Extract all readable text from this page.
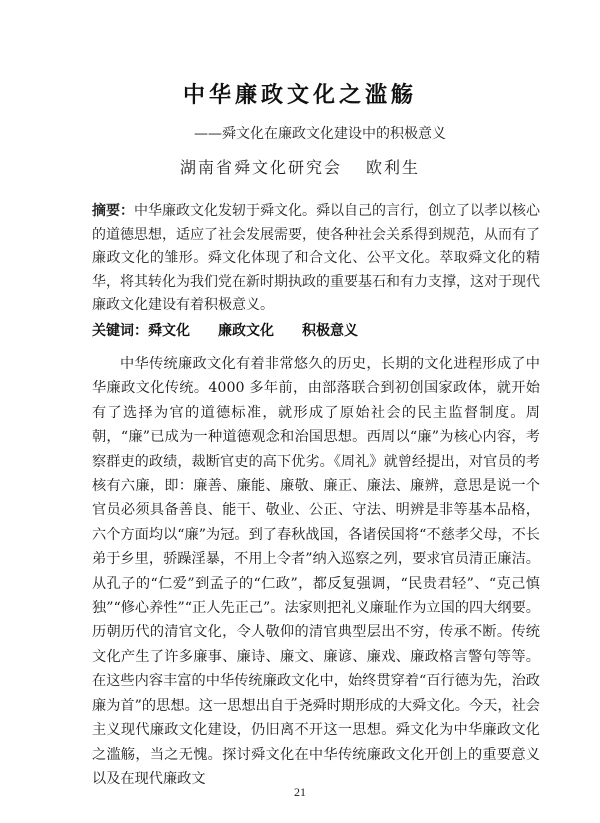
中华廉政文化之滥觞
——舜文化在廉政文化建设中的积极意义
湖南省舜文化研究会 欧利生
摘要：中华廉政文化发轫于舜文化。舜以自己的言行，创立了以孝以核心的道德思想，适应了社会发展需要，使各种社会关系得到规范，从而有了廉政文化的雏形。舜文化体现了和合文化、公平文化。萃取舜文化的精华，将其转化为我们党在新时期执政的重要基石和有力支撑，这对于现代廉政文化建设有着积极意义。
关键词：舜文化 廉政文化 积极意义
中华传统廉政文化有着非常悠久的历史，长期的文化进程形成了中华廉政文化传统。4000 多年前，由部落联合到初创国家政体，就开始有了选择为官的道德标准，就形成了原始社会的民主监督制度。周朝，“廉”已成为一种道德观念和治国思想。西周以“廉”为核心内容，考察群吏的政绩，裁断官吏的高下优劣。《周礼》就曾经提出，对官员的考核有六廉，即：廉善、廉能、廉敬、廉正、廉法、廉辨，意思是说一个官员必须具备善良、能干、敬业、公正、守法、明辨是非等基本品格，六个方面均以“廉”为冠。到了春秋战国，各诸侯国将“不慈孝父母，不长弟于乡里，骄躁淫暴，不用上令者”纳入巡察之列，要求官员清正廉洁。从孔子的“仁爱”到孟子的“仁政”，都反复强调，“民贵君轻”、“克己慎独”“修心养性”“正人先正己”。法家则把礼义廉耻作为立国的四大纲要。历朝历代的清官文化，令人敬仰的清官典型层出不穷，传承不断。传统文化产生了许多廉事、廉诗、廉文、廉谚、廉戏、廉政格言警句等等。在这些内容丰富的中华传统廉政文化中，始终贯穿着“百行德为先，治政廉为首”的思想。这一思想出自于尧舜时期形成的大舜文化。今天，社会主义现代廉政文化建设，仍旧离不开这一思想。舜文化为中华廉政文化之滥觞，当之无愧。探讨舜文化在中华传统廉政文化开创上的重要意义以及在现代廉政文
21
